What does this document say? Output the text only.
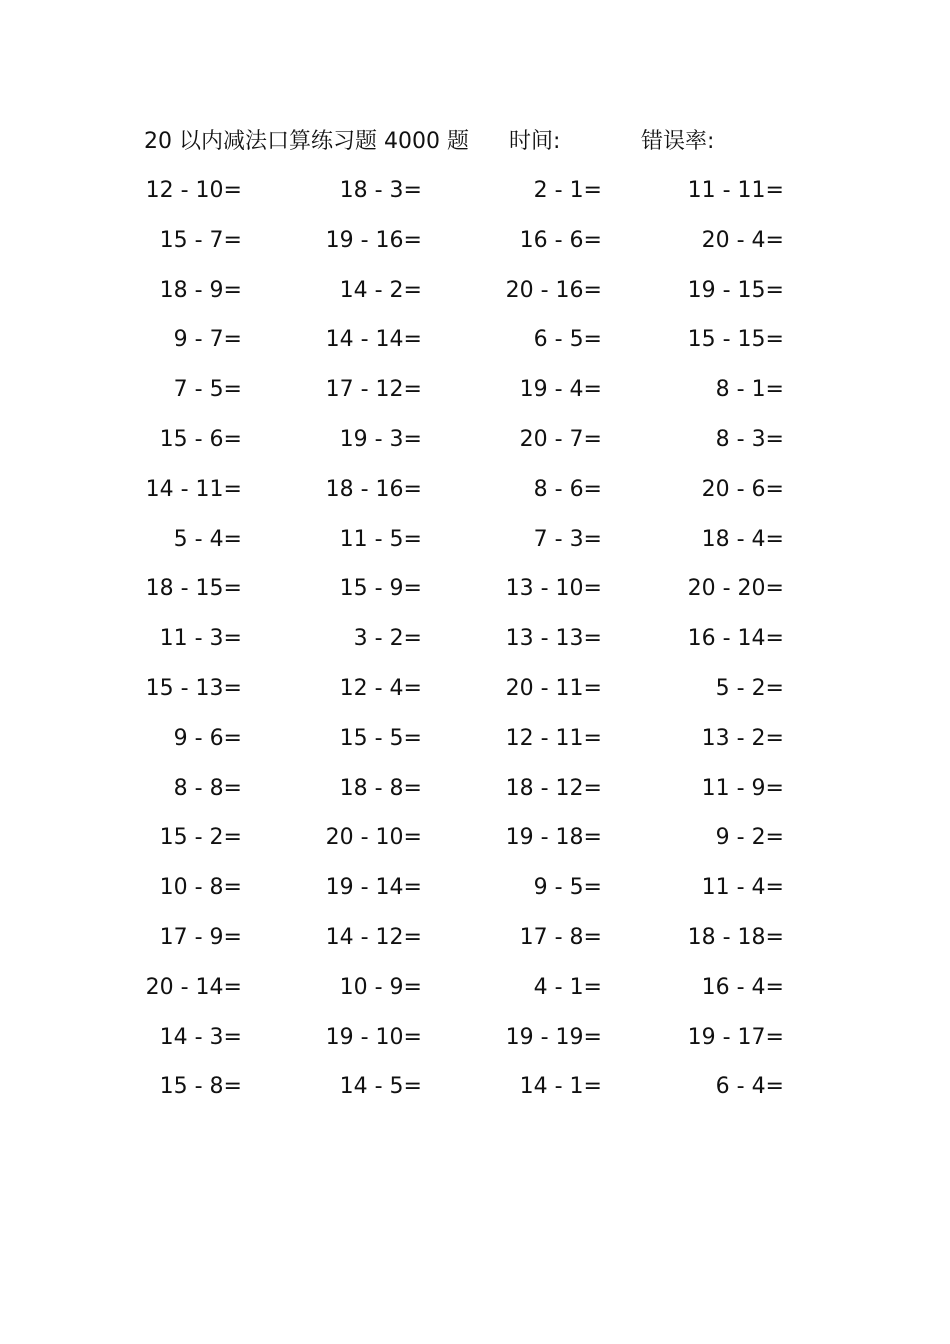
20 以内减法口算练习题 4000 题 时间:	错误率:
12 - 10=	18 - 3=	2 - 1=	11 - 11=
15 - 7=	19 - 16=	16 - 6=	20 - 4=
18 - 9=	14 - 2=	20 - 16=	19 - 15=
9 - 7=	14 - 14=	6 - 5=	15 - 15=
7 - 5=	17 - 12=	19 - 4=	8 - 1=
15 - 6=	19 - 3=	20 - 7=	8 - 3=
14 - 11=	18 - 16=	8 - 6=	20 - 6=
5 - 4=	11 - 5=	7 - 3=	18 - 4=
18 - 15=	15 - 9=	13 - 10=	20 - 20=
11 - 3=	3 - 2=	13 - 13=	16 - 14=
15 - 13=	12 - 4=	20 - 11=	5 - 2=
9 - 6=	15 - 5=	12 - 11=	13 - 2=
8 - 8=	18 - 8=	18 - 12=	11 - 9=
15 - 2=	20 - 10=	19 - 18=	9 - 2=
10 - 8=	19 - 14=	9 - 5=	11 - 4=
17 - 9=	14 - 12=	17 - 8=	18 - 18=
20 - 14=	10 - 9=	4 - 1=	16 - 4=
14 - 3=	19 - 10=	19 - 19=	19 - 17=
15 - 8=	14 - 5=	14 - 1=	6 - 4=
